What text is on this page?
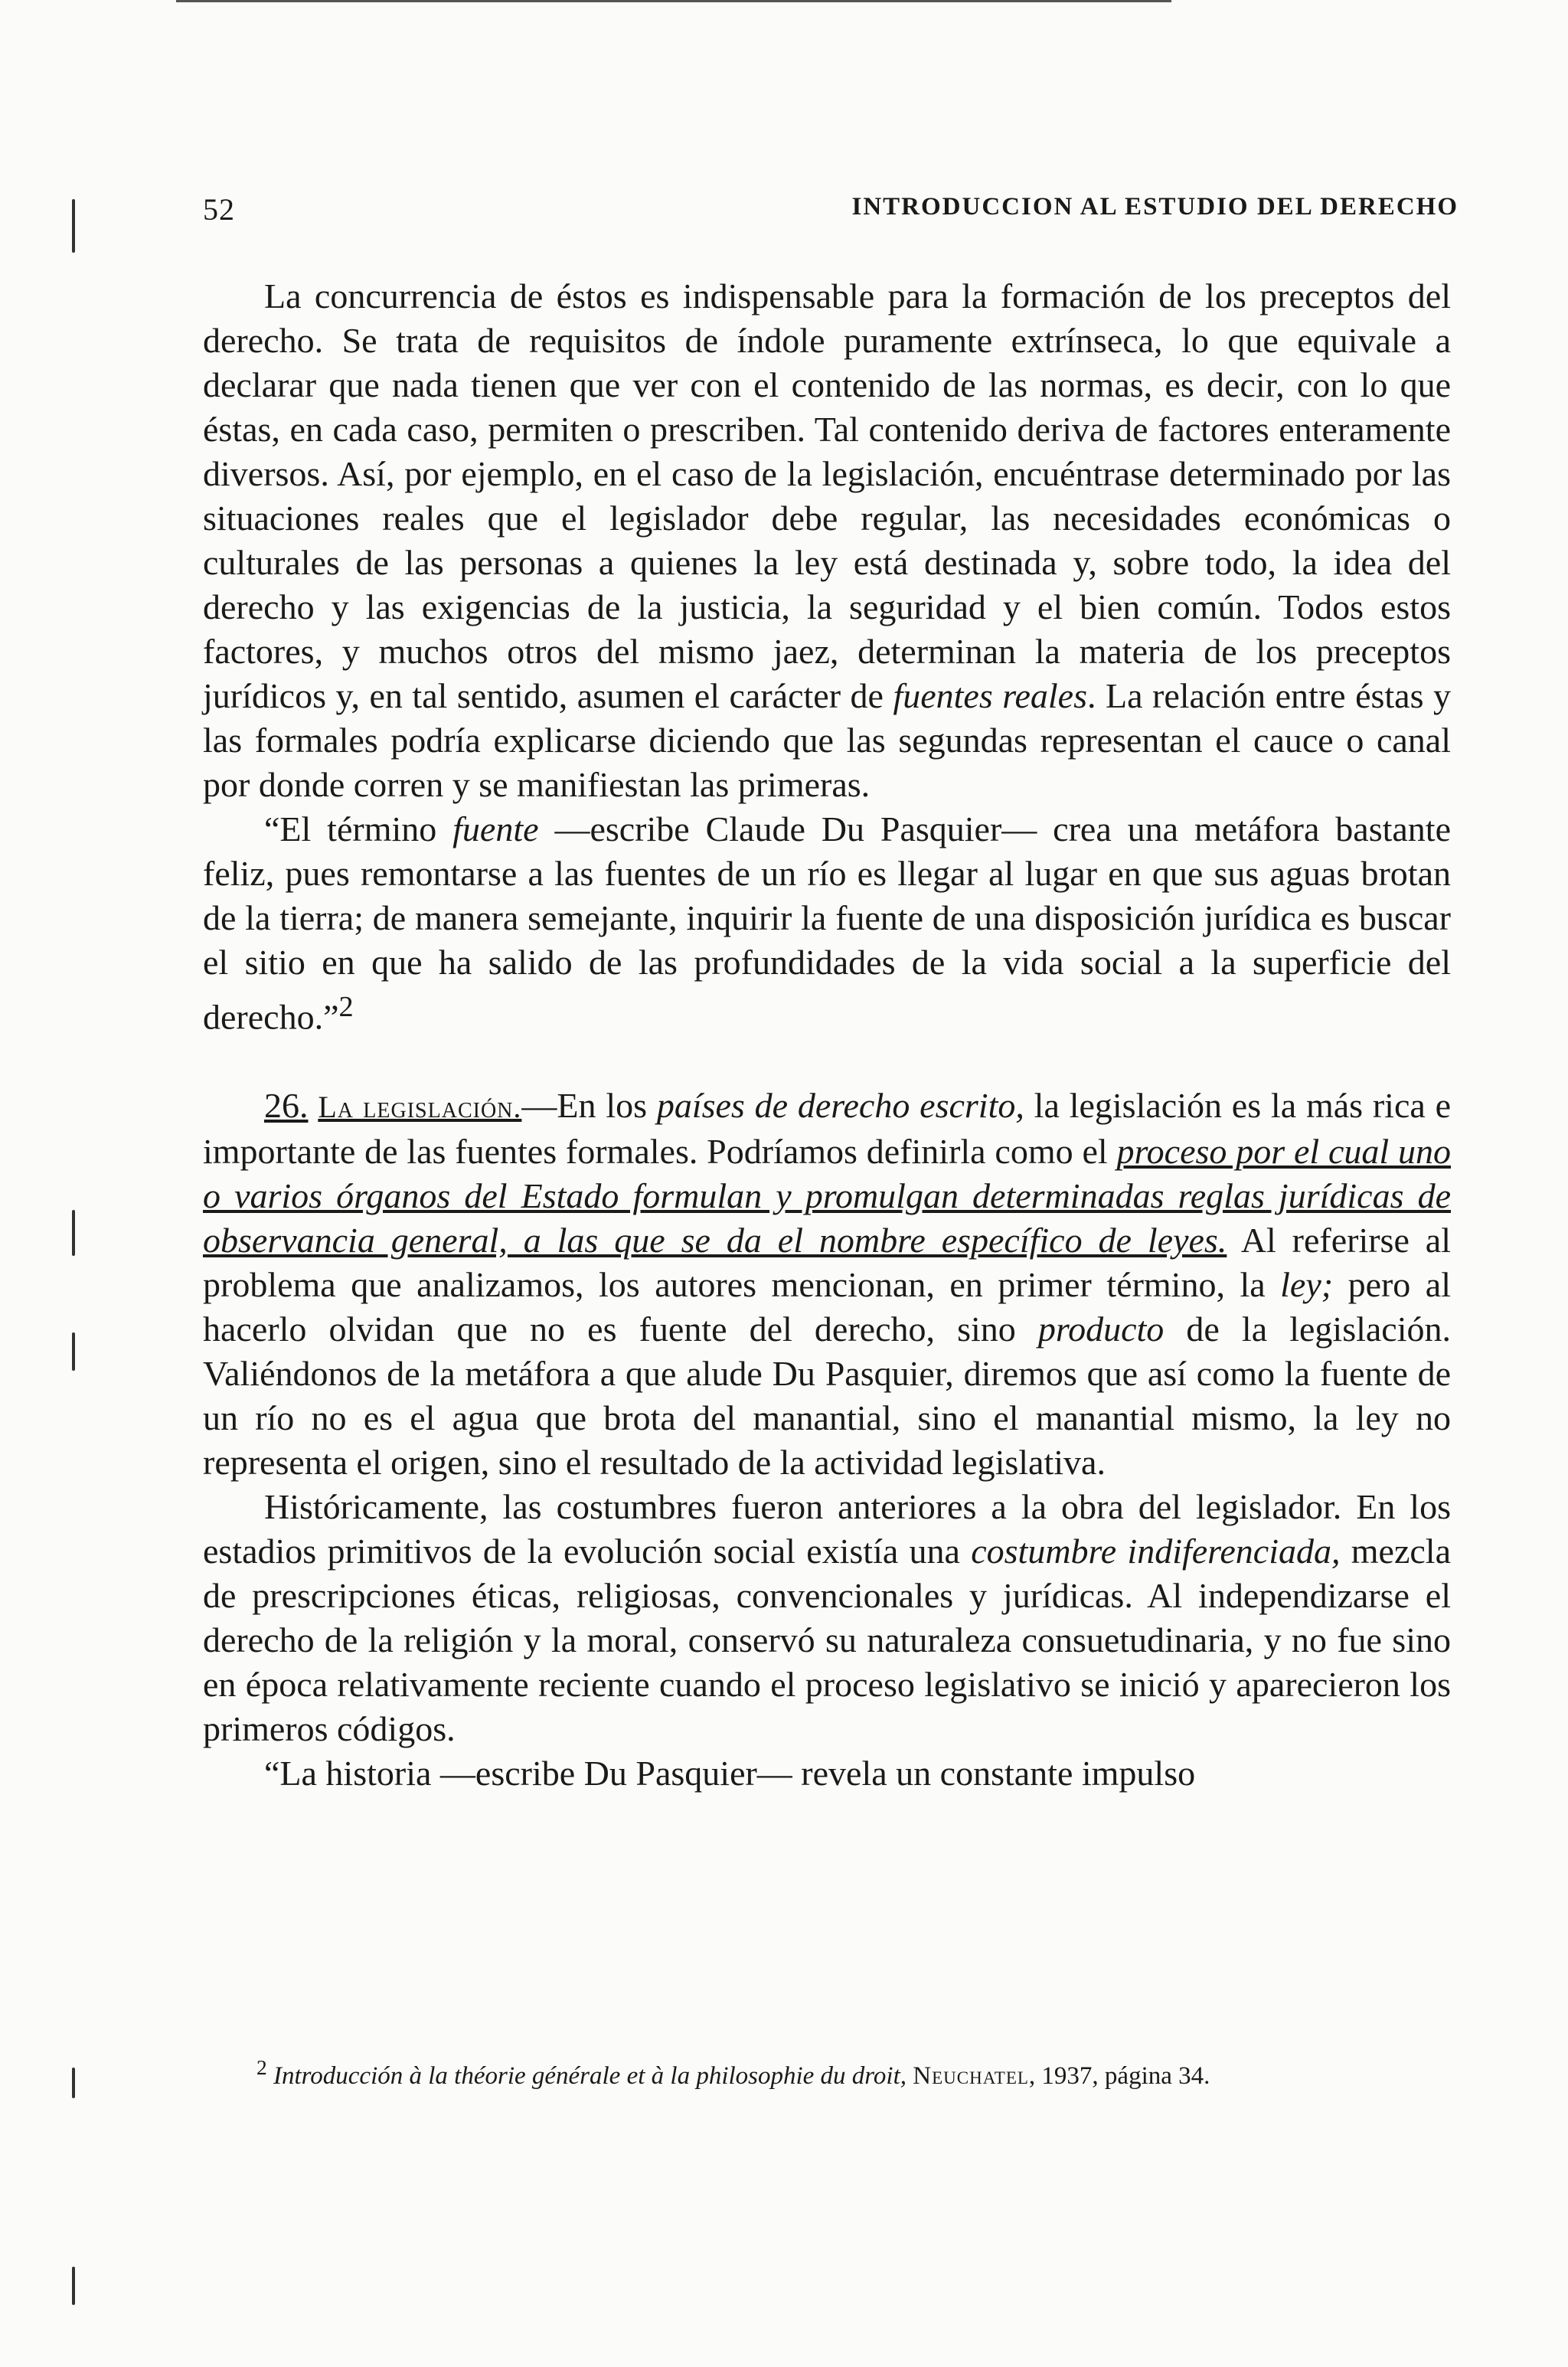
52	INTRODUCCION AL ESTUDIO DEL DERECHO

La concurrencia de éstos es indispensable para la formación de los preceptos del derecho. Se trata de requisitos de índole puramente extrínseca, lo que equivale a declarar que nada tienen que ver con el contenido de las normas, es decir, con lo que éstas, en cada caso, permiten o prescriben. Tal contenido deriva de factores enteramente diversos. Así, por ejemplo, en el caso de la legislación, encuéntrase determinado por las situaciones reales que el legislador debe regular, las necesidades económicas o culturales de las personas a quienes la ley está destinada y, sobre todo, la idea del derecho y las exigencias de la justicia, la seguridad y el bien común. Todos estos factores, y muchos otros del mismo jaez, determinan la materia de los preceptos jurídicos y, en tal sentido, asumen el carácter de fuentes reales. La relación entre éstas y las formales podría explicarse diciendo que las segundas representan el cauce o canal por donde corren y se manifiestan las primeras.

“El término fuente —escribe Claude Du Pasquier— crea una metáfora bastante feliz, pues remontarse a las fuentes de un río es llegar al lugar en que sus aguas brotan de la tierra; de manera semejante, inquirir la fuente de una disposición jurídica es buscar el sitio en que ha salido de las profundidades de la vida social a la superficie del derecho.”$^2$

26. La legislación.—En los países de derecho escrito, la legislación es la más rica e importante de las fuentes formales. Podríamos definirla como el proceso por el cual uno o varios órganos del Estado formulan y promulgan determinadas reglas jurídicas de observancia general, a las que se da el nombre específico de leyes. Al referirse al problema que analizamos, los autores mencionan, en primer término, la ley; pero al hacerlo olvidan que no es fuente del derecho, sino producto de la legislación. Valiéndonos de la metáfora a que alude Du Pasquier, diremos que así como la fuente de un río no es el agua que brota del manantial, sino el manantial mismo, la ley no representa el origen, sino el resultado de la actividad legislativa.

Históricamente, las costumbres fueron anteriores a la obra del legislador. En los estadios primitivos de la evolución social existía una costumbre indiferenciada, mezcla de prescripciones éticas, religiosas, convencionales y jurídicas. Al independizarse el derecho de la religión y la moral, conservó su naturaleza consuetudinaria, y no fue sino en época relativamente reciente cuando el proceso legislativo se inició y aparecieron los primeros códigos.

“La historia —escribe Du Pasquier— revela un constante impulso

$^2$ Introducción à la théorie générale et à la philosophie du droit, Neuchatel, 1937, página 34.
